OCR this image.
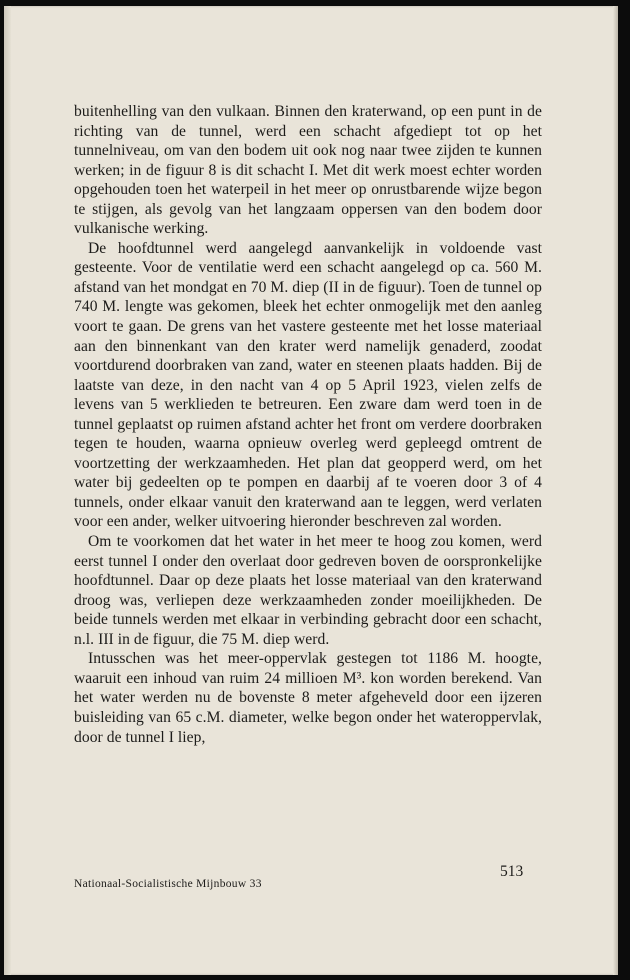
buitenhelling van den vulkaan. Binnen den kraterwand, op een punt in de richting van de tunnel, werd een schacht afgediept tot op het tunnelniveau, om van den bodem uit ook nog naar twee zijden te kunnen werken; in de figuur 8 is dit schacht I. Met dit werk moest echter worden opgehouden toen het waterpeil in het meer op onrustbarende wijze begon te stijgen, als gevolg van het langzaam oppersen van den bodem door vulkanische werking.

De hoofdtunnel werd aangelegd aanvankelijk in voldoende vast gesteente. Voor de ventilatie werd een schacht aangelegd op ca. 560 M. afstand van het mondgat en 70 M. diep (II in de figuur). Toen de tunnel op 740 M. lengte was gekomen, bleek het echter onmogelijk met den aanleg voort te gaan. De grens van het vastere gesteente met het losse materiaal aan den binnenkant van den krater werd namelijk genaderd, zoodat voortdurend doorbraken van zand, water en steenen plaats hadden. Bij de laatste van deze, in den nacht van 4 op 5 April 1923, vielen zelfs de levens van 5 werklieden te betreuren. Een zware dam werd toen in de tunnel geplaatst op ruimen afstand achter het front om verdere doorbraken tegen te houden, waarna opnieuw overleg werd gepleegd omtrent de voortzetting der werkzaamheden. Het plan dat geopperd werd, om het water bij gedeelten op te pompen en daarbij af te voeren door 3 of 4 tunnels, onder elkaar vanuit den kraterwand aan te leggen, werd verlaten voor een ander, welker uitvoering hieronder beschreven zal worden.

Om te voorkomen dat het water in het meer te hoog zou komen, werd eerst tunnel I onder den overlaat door gedreven boven de oorspronkelijke hoofdtunnel. Daar op deze plaats het losse materiaal van den kraterwand droog was, verliepen deze werkzaamheden zonder moeilijkheden. De beide tunnels werden met elkaar in verbinding gebracht door een schacht, n.l. III in de figuur, die 75 M. diep werd.

Intusschen was het meer-oppervlak gestegen tot 1186 M. hoogte, waaruit een inhoud van ruim 24 millioen M³. kon worden berekend. Van het water werden nu de bovenste 8 meter afgeheveld door een ijzeren buisleiding van 65 c.M. diameter, welke begon onder het wateroppervlak, door de tunnel I liep,

513
Nationaal-Socialistische Mijnbouw 33
